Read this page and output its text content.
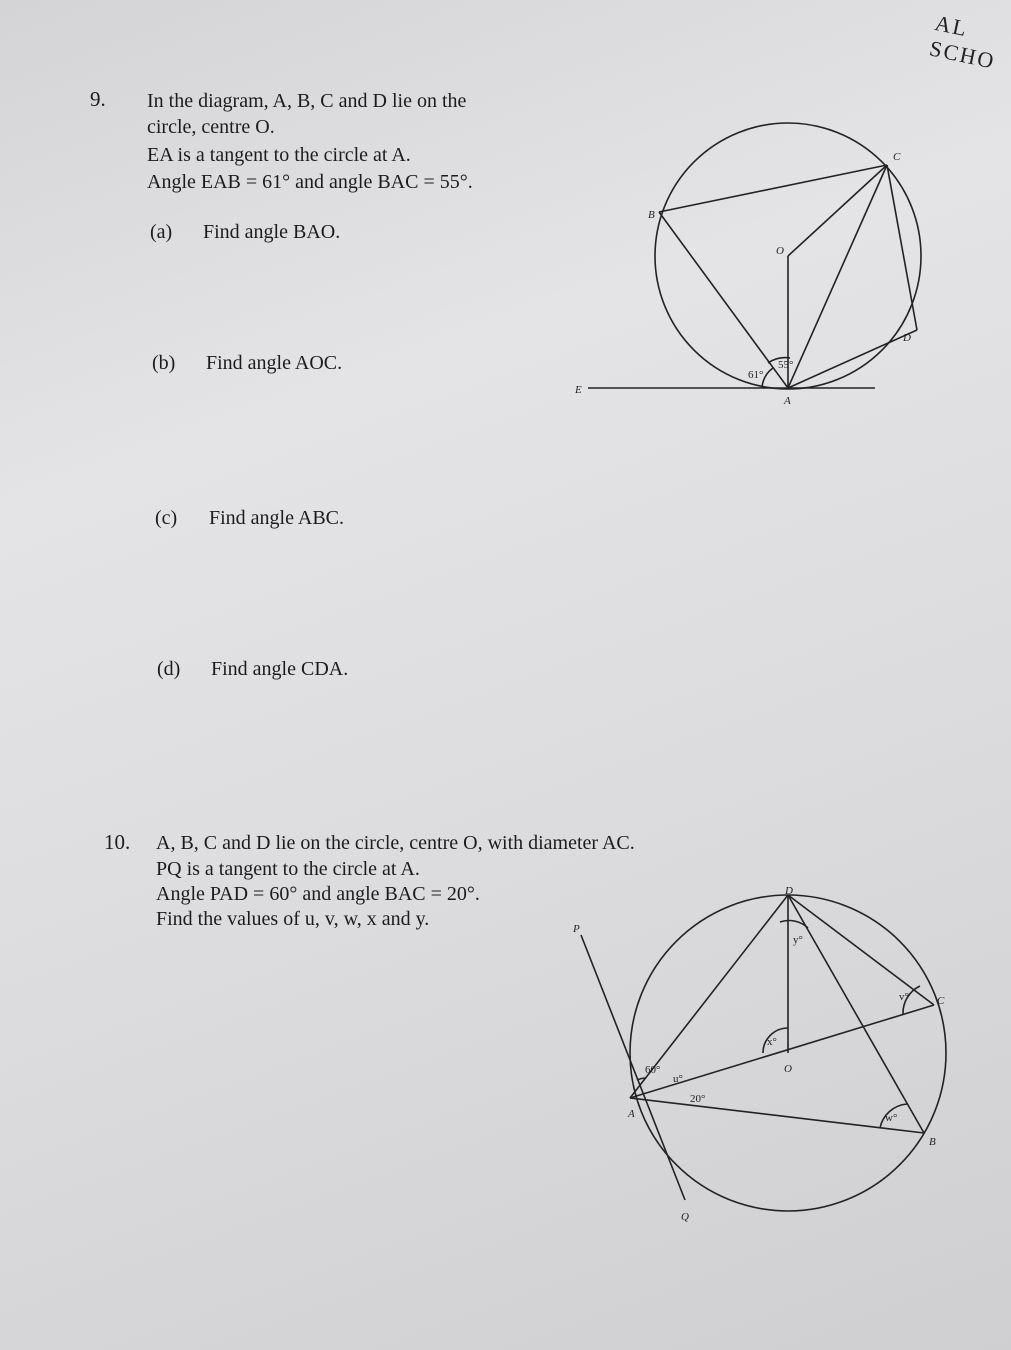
AL SCHO
9. In the diagram, A, B, C and D lie on the
circle, centre O.
EA is a tangent to the circle at A.
Angle EAB = 61° and angle BAC = 55°.
(a) Find angle BAO.
(b) Find angle AOC.
(c) Find angle ABC.
(d) Find angle CDA.
10. A, B, C and D lie on the circle, centre O, with diameter AC.
PQ is a tangent to the circle at A.
Angle PAD = 60° and angle BAC = 20°.
Find the values of u, v, w, x and y.
C
B
O
D
A
E
61°
55°
D
P
C
O
A
B
Q
60°
u°
20°
y°
v°
x°
w°
